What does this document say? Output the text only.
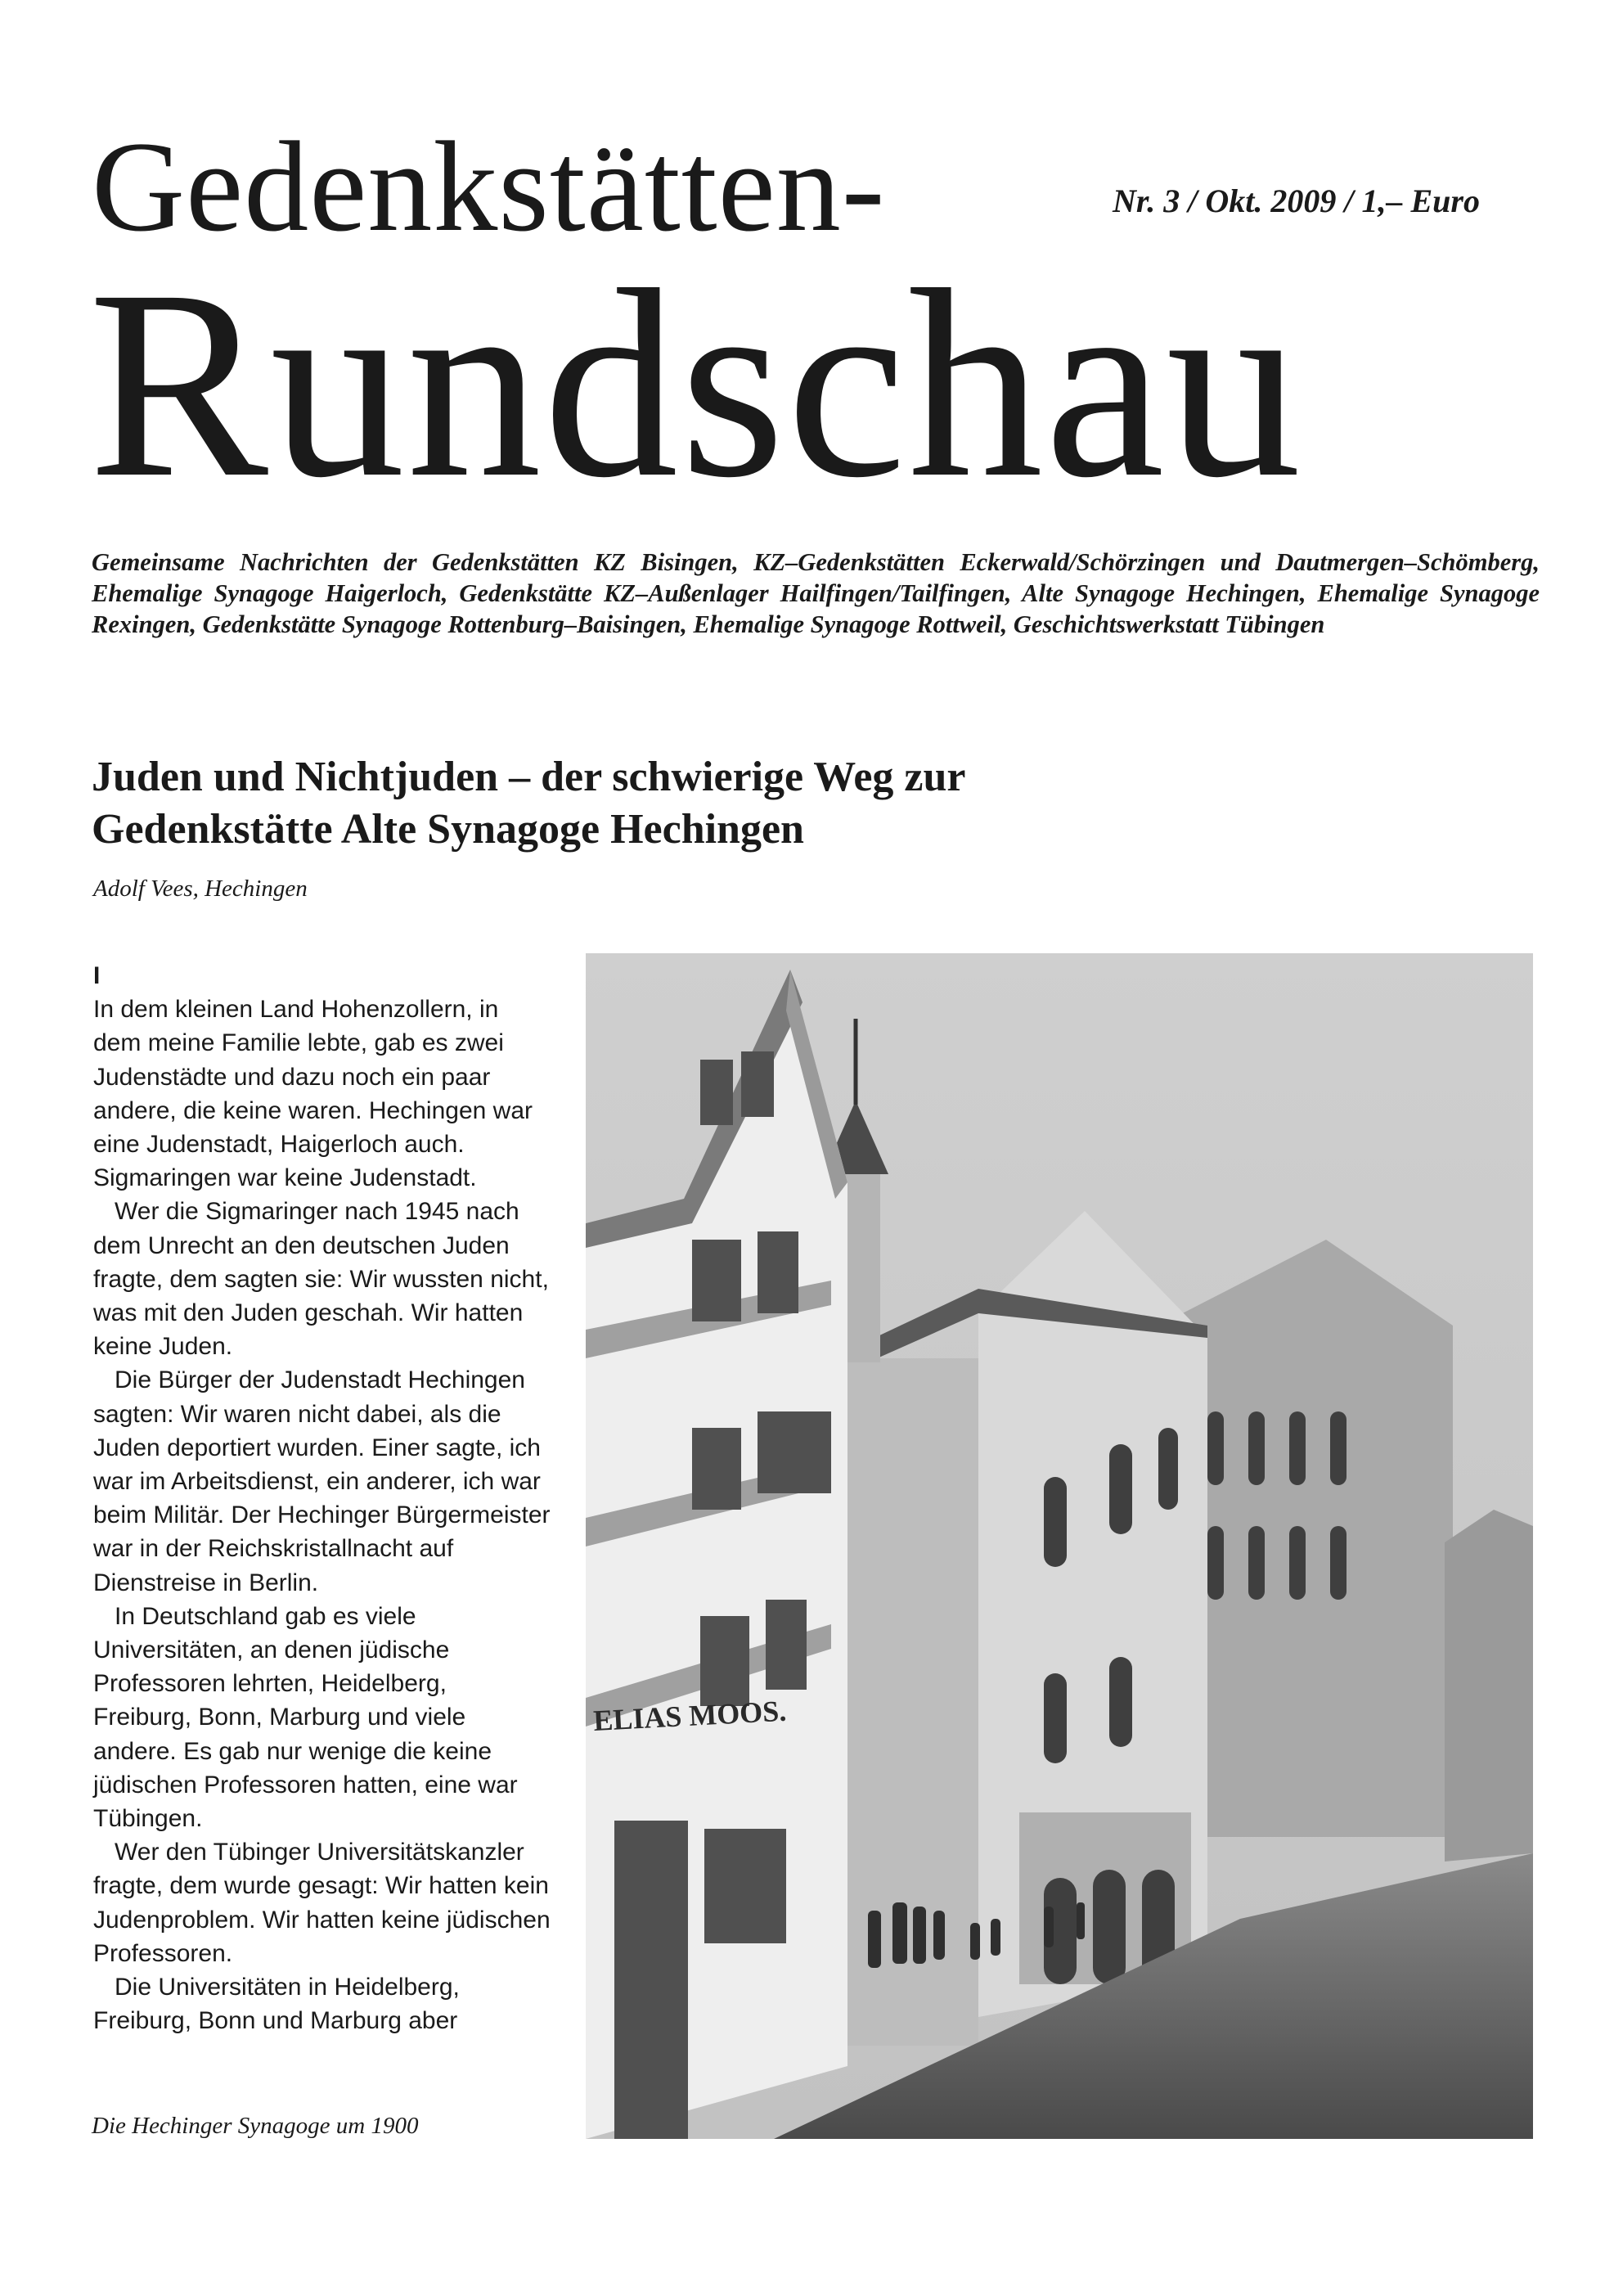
Gedenkstätten-	Nr. 3 / Okt. 2009 / 1,– Euro
Rundschau
Gemeinsame Nachrichten der Gedenkstätten KZ Bisingen, KZ–Gedenkstätten Eckerwald/Schörzingen und Dautmergen–Schömberg, Ehemalige Synagoge Haigerloch, Gedenkstätte KZ–Außenlager Hailfingen/Tailfingen, Alte Synagoge Hechingen, Ehemalige Synagoge Rexingen, Gedenkstätte Synagoge Rottenburg–Baisingen, Ehemalige Synagoge Rottweil, Geschichtswerkstatt Tübingen
Juden und Nichtjuden – der schwierige Weg zur
Gedenkstätte Alte Synagoge Hechingen
Adolf Vees, Hechingen
I

In dem kleinen Land Hohenzollern, in dem meine Familie lebte, gab es zwei Judenstädte und dazu noch ein paar andere, die keine waren. Hechingen war eine Judenstadt, Haigerloch auch. Sigmaringen war keine Judenstadt.

Wer die Sigmaringer nach 1945 nach dem Unrecht an den deutschen Juden fragte, dem sagten sie: Wir wussten nicht, was mit den Juden geschah. Wir hatten keine Juden.

Die Bürger der Judenstadt Hechingen sagten: Wir waren nicht dabei, als die Juden deportiert wurden. Einer sagte, ich war im Arbeitsdienst, ein anderer, ich war beim Militär. Der Hechinger Bürgermeister war in der Reichskristallnacht auf Dienstreise in Berlin.

In Deutschland gab es viele Universitäten, an denen jüdische Professoren lehrten, Heidelberg, Freiburg, Bonn, Marburg und viele andere. Es gab nur wenige die keine jüdischen Professoren hatten, eine war Tübingen.

Wer den Tübinger Universitätskanzler fragte, dem wurde gesagt: Wir hatten kein Judenproblem. Wir hatten keine jüdischen Professoren.

Die Universitäten in Heidelberg, Freiburg, Bonn und Marburg aber

Die Hechinger Synagoge um 1900
ELIAS MOOS.
